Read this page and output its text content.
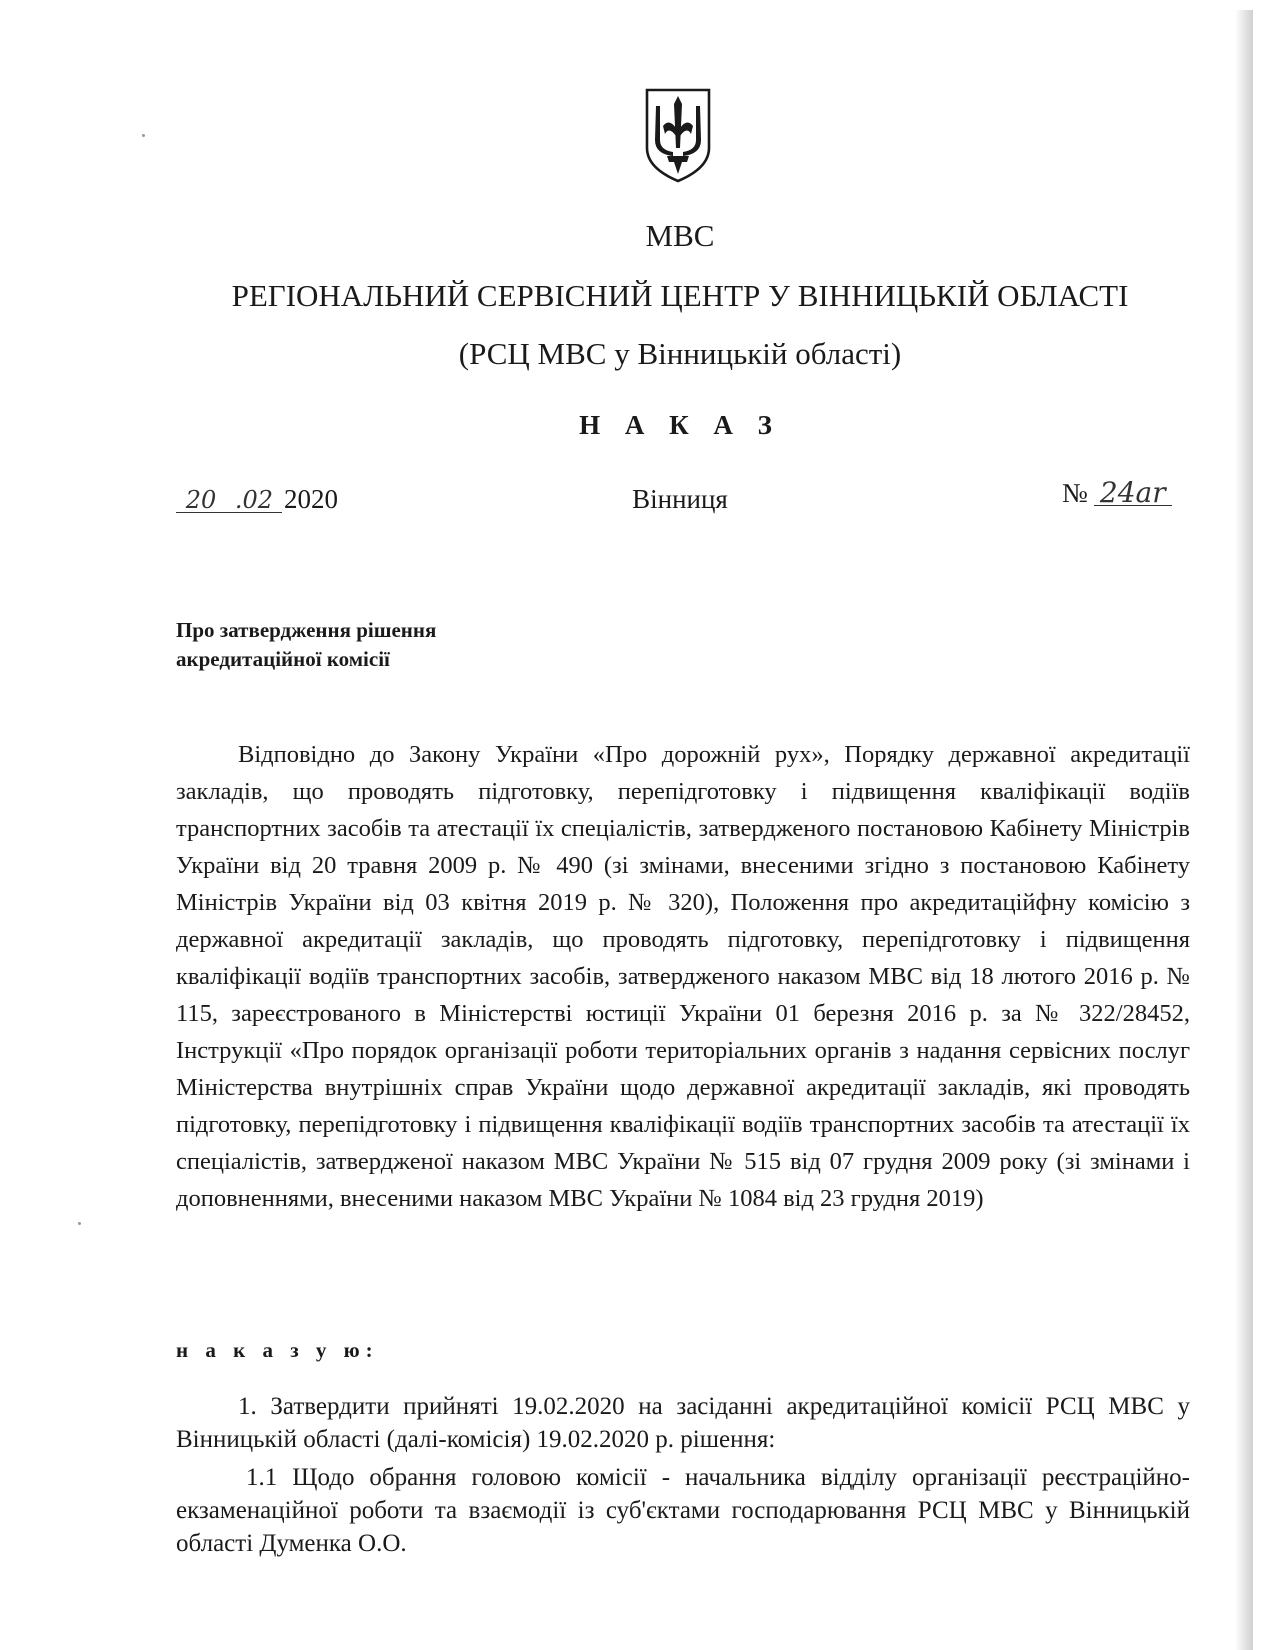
МВС
РЕГІОНАЛЬНИЙ СЕРВІСНИЙ ЦЕНТР У ВІННИЦЬКІЙ ОБЛАСТІ
(РСЦ МВС у Вінницькій області)
Н А К А З
20 .02 2020	Вінниця	№ 24ar
Про затвердження рішення
акредитаційної комісії

Відповідно до Закону України «Про дорожній рух», Порядку державної акредитації закладів, що проводять підготовку, перепідготовку і підвищення кваліфікації водіїв транспортних засобів та атестації їх спеціалістів, затвердженого постановою Кабінету Міністрів України від 20 травня 2009 р. № 490 (зі змінами, внесеними згідно з постановою Кабінету Міністрів України від 03 квітня 2019 р. № 320), Положення про акредитаційфну комісію з державної акредитації закладів, що проводять підготовку, перепідготовку і підвищення кваліфікації водіїв транспортних засобів, затвердженого наказом МВС від 18 лютого 2016 р. № 115, зареєстрованого в Міністерстві юстиції України 01 березня 2016 р. за № 322/28452, Інструкції «Про порядок організації роботи територіальних органів з надання сервісних послуг Міністерства внутрішніх справ України щодо державної акредитації закладів, які проводять підготовку, перепідготовку і підвищення кваліфікації водіїв транспортних засобів та атестації їх спеціалістів, затвердженої наказом МВС України № 515 від 07 грудня 2009 року (зі змінами і доповненнями, внесеними наказом МВС України № 1084 від 23 грудня 2019)

н а к а з у ю:

1. Затвердити прийняті 19.02.2020 на засіданні акредитаційної комісії РСЦ МВС у Вінницькій області (далі-комісія) 19.02.2020 р. рішення:

1.1 Щодо обрання головою комісії - начальника відділу організації реєстраційно-екзаменаційної роботи та взаємодії із суб'єктами господарювання РСЦ МВС у Вінницькій області Думенка О.О.
